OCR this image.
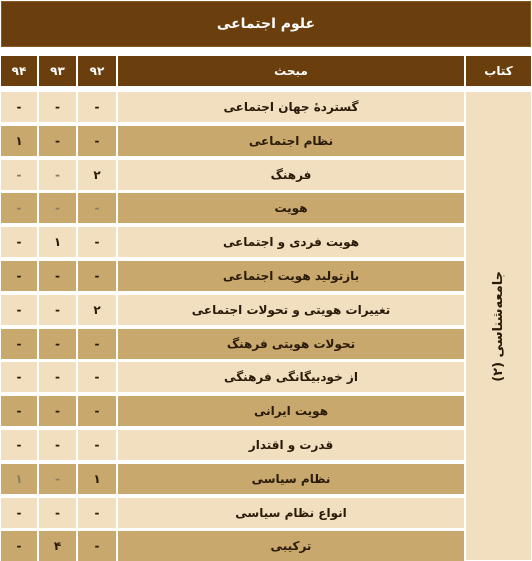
علوم اجتماعی
۹۴	۹۳	۹۲	مبحث	کتاب
-	-	-	گستردهٔ جهان اجتماعی
۱	-	-	نظام اجتماعی
-	-	۲	فرهنگ
-	-	-	هویت
-	۱	-	هویت فردی و اجتماعی
-	-	-	بازتولید هویت اجتماعی
-	-	۲	تغییرات هویتی و تحولات اجتماعی
-	-	-	تحولات هویتی فرهنگ
-	-	-	از خودبیگانگی فرهنگی
-	-	-	هویت ایرانی
-	-	-	قدرت و اقتدار
۱	-	۱	نظام سیاسی
-	-	-	انواع نظام سیاسی
-	۴	-	ترکیبی
جامعه‌شناسی (۲)
